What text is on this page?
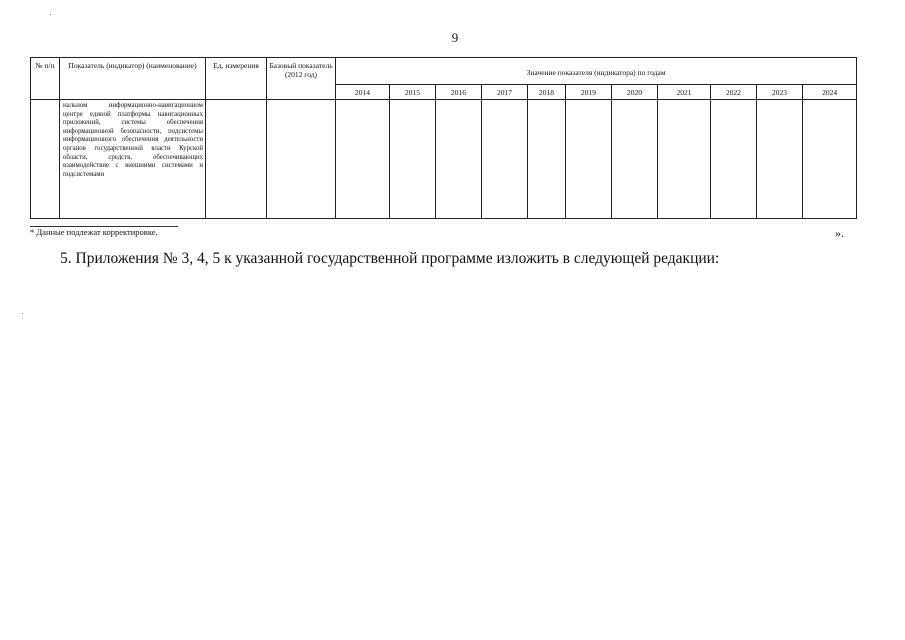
9
№ п/п	Показатель (индикатор) (наименование)	Ед. измерения	Базовый показатель (2012 год)	Значение показателя (индикатора) по годам										
				2014	2015	2016	2017	2018	2019	2020	2021	2022	2023	2024

	нальном информационно-навигационном центре единой платформы навигационных приложений, системы обеспечения информационной безопасности, подсистемы информационного обеспечения деятельности органов государственной власти Курской области, средств, обеспечивающих взаимодействие с внешними системами и подсистемами													

* Данные подлежат корректировке.	».
5. Приложения № 3, 4, 5 к указанной государственной программе изложить в следующей редакции:
